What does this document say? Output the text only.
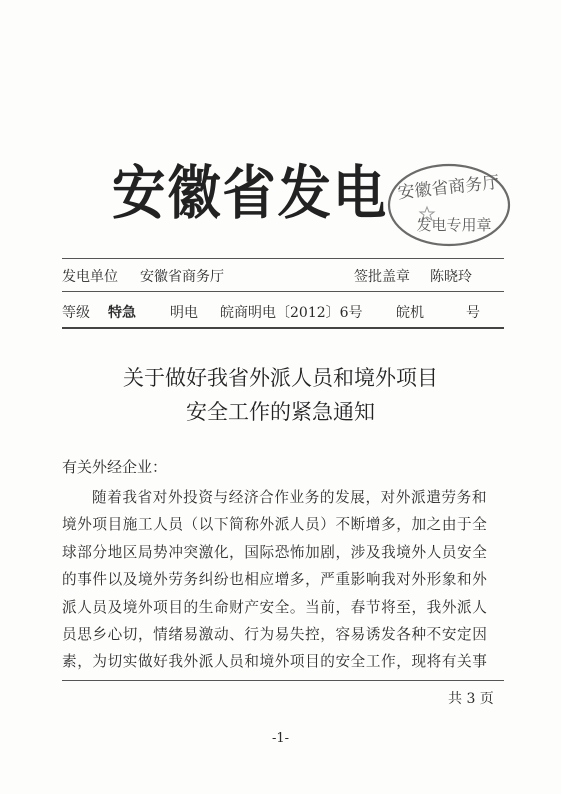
安徽省发电 安徽省商务厅
发电专用章
发电单位 安徽省商务厅	签批盖章 陈晓玲
等级 特急 明电 皖商明电〔2012〕6号 皖机	号
关于做好我省外派人员和境外项目
安全工作的紧急通知
有关外经企业：
随着我省对外投资与经济合作业务的发展，对外派遣劳务和
境外项目施工人员（以下简称外派人员）不断增多，加之由于全
球部分地区局势冲突激化，国际恐怖加剧，涉及我境外人员安全
的事件以及境外劳务纠纷也相应增多，严重影响我对外形象和外
派人员及境外项目的生命财产安全。当前，春节将至，我外派人
员思乡心切，情绪易激动、行为易失控，容易诱发各种不安定因
素，为切实做好我外派人员和境外项目的安全工作，现将有关事
共 3 页
-1-
